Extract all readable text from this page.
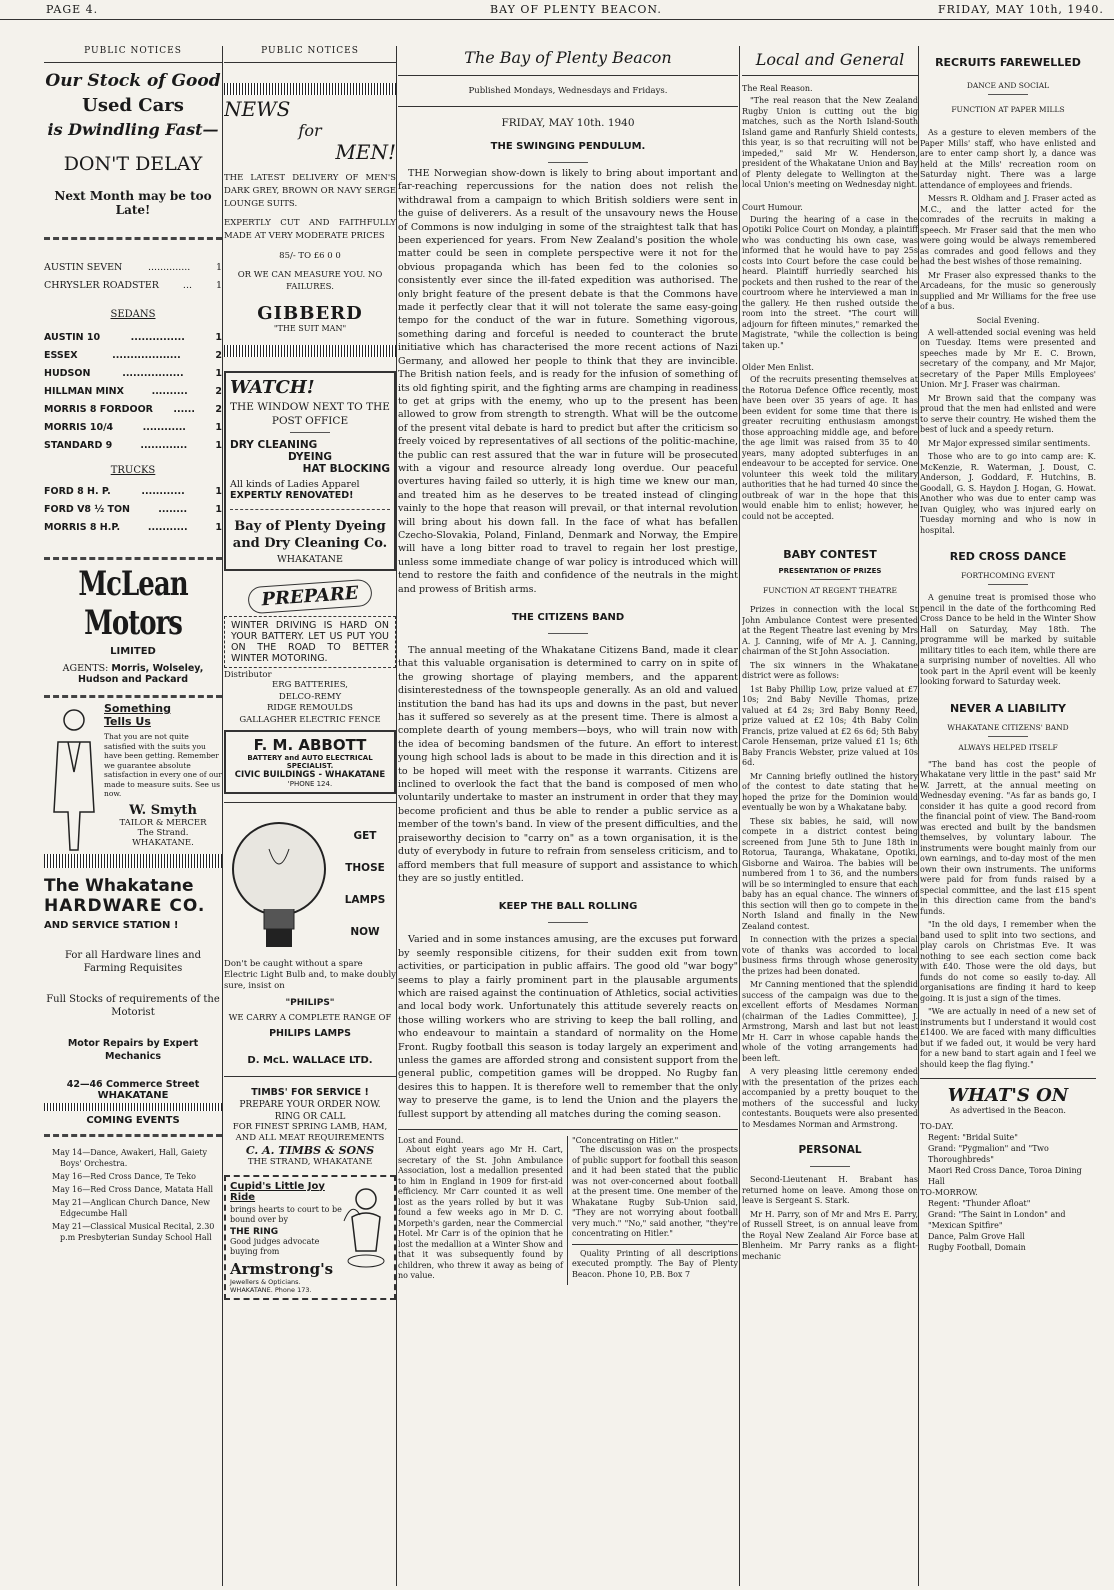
PAGE 4.	BAY OF PLENTY BEACON.	FRIDAY, MAY 10th, 1940.
PUBLIC NOTICES
Our Stock of Good
Used Cars
is Dwindling Fast—
DON'T DELAY
Next Month may be too Late!
AUSTIN SEVEN	..............	1
CHRYSLER ROADSTER	...	1
SEDANS
AUSTIN 10	...............	1
ESSEX	...................	2
HUDSON	.................	1
HILLMAN MINX	..........	2
MORRIS 8 FORDOOR ...... 2
MORRIS 10/4	............	1
STANDARD 9	.............	1
TRUCKS
FORD 8 H. P.	............	1
FORD V8 ½ TON	........	1
MORRIS 8 H.P.	...........	1
McLean Motors
LIMITED
AGENTS: Morris, Wolseley, Hudson and Packard
Something
Tells Us
That you are not quite satisfied with the suits you have been getting. Remember we guarantee absolute satisfaction in every one of our made to measure suits. See us now.
W. Smyth
TAILOR & MERCER
The Strand.
WHAKATANE.
The Whakatane
HARDWARE CO.
AND SERVICE STATION !
For all Hardware lines and Farming Requisites
Full Stocks of requirements of the Motorist
Motor Repairs by Expert Mechanics
42—46 Commerce Street
WHAKATANE
COMING EVENTS
May 14—Dance, Awakeri, Hall, Gaiety Boys' Orchestra.
May 16—Red Cross Dance, Te Teko
May 16—Red Cross Dance, Matata Hall
May 21—Anglican Church Dance, New Edgecumbe Hall
May 21—Classical Musical Recital, 2.30 p.m Presbyterian Sunday School Hall
PUBLIC NOTICES
NEWS
for
MEN!
THE LATEST DELIVERY OF MEN'S DARK GREY, BROWN OR NAVY SERGE LOUNGE SUITS.
EXPERTLY CUT AND FAITHFULLY MADE AT VERY MODERATE PRICES
85/- TO £6 0 0
OR WE CAN MEASURE YOU. NO FAILURES.
GIBBERD
"THE SUIT MAN"
WATCH!
THE WINDOW NEXT TO THE POST OFFICE
DRY CLEANING
DYEING
HAT BLOCKING
All kinds of Ladies Apparel
EXPERTLY RENOVATED!
Bay of Plenty Dyeing and Dry Cleaning Co.
WHAKATANE
PREPARE
WINTER DRIVING IS HARD ON YOUR BATTERY. LET US PUT YOU ON THE ROAD TO BETTER WINTER MOTORING.
Distributor
ERG BATTERIES,
DELCO-REMY
RIDGE REMOULDS
GALLAGHER ELECTRIC FENCE
F. M. ABBOTT
BATTERY and AUTO ELECTRICAL SPECIALIST.
CIVIC BUILDINGS - WHAKATANE
'PHONE 124.
GET
THOSE
LAMPS
NOW
Don't be caught without a spare Electric Light Bulb and, to make doubly sure, insist on
"PHILIPS"
WE CARRY A COMPLETE RANGE OF
PHILIPS LAMPS
D. McL. WALLACE LTD.
TIMBS' FOR SERVICE !
PREPARE YOUR ORDER NOW.
RING OR CALL
FOR FINEST SPRING LAMB, HAM, AND ALL MEAT REQUIREMENTS
C. A. TIMBS & SONS
THE STRAND, WHAKATANE
Cupid's Little Joy Ride
brings hearts to court to be bound over by
THE RING
Good judges advocate buying from
Armstrong's
Jewellers & Opticians. WHAKATANE. Phone 173.
The Bay of Plenty Beacon
Published Mondays, Wednesdays and Fridays.
FRIDAY, MAY 10th. 1940
THE SWINGING PENDULUM.

THE Norwegian show-down is likely to bring about important and far-reaching repercussions for the nation does not relish the withdrawal from a campaign to which British soldiers were sent in the guise of deliverers. As a result of the unsavoury news the House of Commons is now indulging in some of the straightest talk that has been experienced for years. From New Zealand's position the whole matter could be seen in complete perspective were it not for the obvious propaganda which has been fed to the colonies so consistently ever since the ill-fated expedition was authorised. The only bright feature of the present debate is that the Commons have made it perfectly clear that it will not tolerate the same easy-going tempo for the conduct of the war in future. Something vigorous, something daring and forceful is needed to counteract the brute initiative which has characterised the more recent actions of Nazi Germany, and allowed her people to think that they are invincible. The British nation feels, and is ready for the infusion of something of its old fighting spirit, and the fighting arms are champing in readiness to get at grips with the enemy, who up to the present has been allowed to grow from strength to strength. What will be the outcome of the present vital debate is hard to predict but after the criticism so freely voiced by representatives of all sections of the politic-machine, the public can rest assured that the war in future will be prosecuted with a vigour and resource already long overdue. Our peaceful overtures having failed so utterly, it is high time we knew our man, and treated him as he deserves to be treated instead of clinging vainly to the hope that reason will prevail, or that internal revolution will bring about his down fall. In the face of what has befallen Czecho-Slovakia, Poland, Finland, Denmark and Norway, the Empire will have a long bitter road to travel to regain her lost prestige, unless some immediate change of war policy is introduced which will tend to restore the faith and confidence of the neutrals in the might and prowess of British arms.

THE CITIZENS BAND

The annual meeting of the Whakatane Citizens Band, made it clear that this valuable organisation is determined to carry on in spite of the growing shortage of playing members, and the apparent disinterestedness of the townspeople generally. As an old and valued institution the band has had its ups and downs in the past, but never has it suffered so severely as at the present time. There is almost a complete dearth of young members—boys, who will train now with the idea of becoming bandsmen of the future. An effort to interest young high school lads is about to be made in this direction and it is to be hoped will meet with the response it warrants. Citizens are inclined to overlook the fact that the band is composed of men who voluntarily undertake to master an instrument in order that they may become proficient and thus be able to render a public service as a member of the town's band. In view of the present difficulties, and the praiseworthy decision to "carry on" as a town organisation, it is the duty of everybody in future to refrain from senseless criticism, and to afford members that full measure of support and assistance to which they are so justly entitled.

KEEP THE BALL ROLLING

Varied and in some instances amusing, are the excuses put forward by seemly responsible citizens, for their sudden exit from town activities, or participation in public affairs. The good old "war bogy" seems to play a fairly prominent part in the plausable arguments which are raised against the continuation of Athletics, social activities and local body work. Unfortunately this attitude severely reacts on those willing workers who are striving to keep the ball rolling, and who endeavour to maintain a standard of normality on the Home Front. Rugby football this season is today largely an experiment and unless the games are afforded strong and consistent support from the general public, competition games will be dropped. No Rugby fan desires this to happen. It is therefore well to remember that the only way to preserve the game, is to lend the Union and the players the fullest support by attending all matches during the coming season.

Lost and Found.

About eight years ago Mr H. Cart, secretary of the St. John Ambulance Association, lost a medallion presented to him in England in 1909 for first-aid efficiency. Mr Carr counted it as well lost as the years rolled by but it was found a few weeks ago in Mr D. C. Morpeth's garden, near the Commercial Hotel. Mr Carr is of the opinion that he lost the medallion at a Winter Show and that it was subsequently found by children, who threw it away as being of no value.

"Concentrating on Hitler."

The discussion was on the prospects of public support for football this season and it had been stated that the public was not over-concerned about football at the present time. One member of the Whakatane Rugby Sub-Union said, "They are not worrying about football very much." "No," said another, "they're concentrating on Hitler."

Quality Printing of all descriptions executed promptly. The Bay of Plenty Beacon. Phone 10, P.B. Box 7

Local and General
The Real Reason.

"The real reason that the New Zealand Rugby Union is cutting out the big matches, such as the North Island-South Island game and Ranfurly Shield contests, this year, is so that recruiting will not be impeded," said Mr W. Henderson, president of the Whakatane Union and Bay of Plenty delegate to Wellington at the local Union's meeting on Wednesday night.

Court Humour.

During the hearing of a case in the Opotiki Police Court on Monday, a plaintiff who was conducting his own case, was informed that he would have to pay 25s costs into Court before the case could be heard. Plaintiff hurriedly searched his pockets and then rushed to the rear of the courtroom where he interviewed a man in the gallery. He then rushed outside the room into the street. "The court will adjourn for fifteen minutes," remarked the Magistrate, "while the collection is being taken up."

Older Men Enlist.

Of the recruits presenting themselves at the Rotorua Defence Office recently, most have been over 35 years of age. It has been evident for some time that there is greater recruiting enthusiasm amongst those approaching middle age, and before the age limit was raised from 35 to 40 years, many adopted subterfuges in an endeavour to be accepted for service. One volunteer this week told the military authorities that he had turned 40 since the outbreak of war in the hope that this would enable him to enlist; however, he could not be accepted.

BABY CONTEST
PRESENTATION OF PRIZES
FUNCTION AT REGENT THEATRE

Prizes in connection with the local St John Ambulance Contest were presented at the Regent Theatre last evening by Mrs A. J. Canning, wife of Mr A. J. Canning, chairman of the St John Association.

The six winners in the Whakatane district were as follows:

1st Baby Phillip Low, prize valued at £7 10s; 2nd Baby Neville Thomas, prize valued at £4 2s; 3rd Baby Bonny Reed, prize valued at £2 10s; 4th Baby Colin Francis, prize valued at £2 6s 6d; 5th Baby Carole Henseman, prize valued £1 1s; 6th Baby Francis Webster, prize valued at 10s 6d.

Mr Canning briefly outlined the history of the contest to date stating that he hoped the prize for the Dominion would eventually be won by a Whakatane baby.

These six babies, he said, will now compete in a district contest being screened from June 5th to June 18th in Rotorua, Tauranga, Whakatane, Opotiki, Gisborne and Wairoa. The babies will be numbered from 1 to 36, and the numbers will be so intermingled to ensure that each baby has an equal chance. The winners of this section will then go to compete in the North Island and finally in the New Zealand contest.

In connection with the prizes a special vote of thanks was accorded to local business firms through whose generosity the prizes had been donated.

Mr Canning mentioned that the splendid success of the campaign was due to the excellent efforts of Mesdames Norman (chairman of the Ladies Committee), J. Armstrong, Marsh and last but not least Mr H. Carr in whose capable hands the whole of the voting arrangements had been left.

A very pleasing little ceremony ended with the presentation of the prizes each accompanied by a pretty bouquet to the mothers of the successful and lucky contestants. Bouquets were also presented to Mesdames Norman and Armstrong.

PERSONAL

Second-Lieutenant H. Brabant has returned home on leave. Among those on leave is Sergeant S. Stark.

Mr H. Parry, son of Mr and Mrs E. Parry, of Russell Street, is on annual leave from the Royal New Zealand Air Force base at Blenheim. Mr Parry ranks as a flight-mechanic

RECRUITS FAREWELLED
DANCE AND SOCIAL
FUNCTION AT PAPER MILLS

As a gesture to eleven members of the Paper Mills' staff, who have enlisted and are to enter camp short ly, a dance was held at the Mills' recreation room on Saturday night. There was a large attendance of employees and friends.

Messrs R. Oldham and J. Fraser acted as M.C., and the latter acted for the comrades of the recruits in making a speech. Mr Fraser said that the men who were going would be always remembered as comrades and good fellows and they had the best wishes of those remaining.

Mr Fraser also expressed thanks to the Arcadeans, for the music so generously supplied and Mr Williams for the free use of a bus.

Social Evening.

A well-attended social evening was held on Tuesday. Items were presented and speeches made by Mr E. C. Brown, secretary of the company, and Mr Major, secretary of the Paper Mills Employees' Union. Mr J. Fraser was chairman.

Mr Brown said that the company was proud that the men had enlisted and were to serve their country. He wished them the best of luck and a speedy return.

Mr Major expressed similar sentiments.

Those who are to go into camp are: K. McKenzie, R. Waterman, J. Doust, C. Anderson, J. Goddard, F. Hutchins, B. Goodall, G. S. Haydon J. Hogan, G. Howat. Another who was due to enter camp was Ivan Quigley, who was injured early on Tuesday morning and who is now in hospital.

RED CROSS DANCE
FORTHCOMING EVENT

A genuine treat is promised those who pencil in the date of the forthcoming Red Cross Dance to be held in the Winter Show Hall on Saturday, May 18th. The programme will be marked by suitable military titles to each item, while there are a surprising number of novelties. All who took part in the April event will be keenly looking forward to Saturday week.

NEVER A LIABILITY
WHAKATANE CITIZENS' BAND
ALWAYS HELPED ITSELF

"The band has cost the people of Whakatane very little in the past" said Mr W. Jarrett, at the annual meeting on Wednesday evening. "As far as bands go, I consider it has quite a good record from the financial point of view. The Band-room was erected and built by the bandsmen themselves, by voluntary labour. The instruments were bought mainly from our own earnings, and to-day most of the men own their own instruments. The uniforms were paid for from funds raised by a special committee, and the last £15 spent in this direction came from the band's funds.

"In the old days, I remember when the band used to split into two sections, and play carols on Christmas Eve. It was nothing to see each section come back with £40. Those were the old days, but funds do not come so easily to-day. All organisations are finding it hard to keep going. It is just a sign of the times.

"We are actually in need of a new set of instruments but I understand it would cost £1400. We are faced with many difficulties but if we faded out, it would be very hard for a new band to start again and I feel we should keep the flag flying."

WHAT'S ON
As advertised in the Beacon.
TO-DAY.
Regent: "Bridal Suite"
Grand: "Pygmalion" and "Two Thoroughbreds"
Maori Red Cross Dance, Toroa Dining Hall
TO-MORROW.
Regent: "Thunder Afloat"
Grand: "The Saint in London" and "Mexican Spitfire"
Dance, Palm Grove Hall
Rugby Football, Domain
